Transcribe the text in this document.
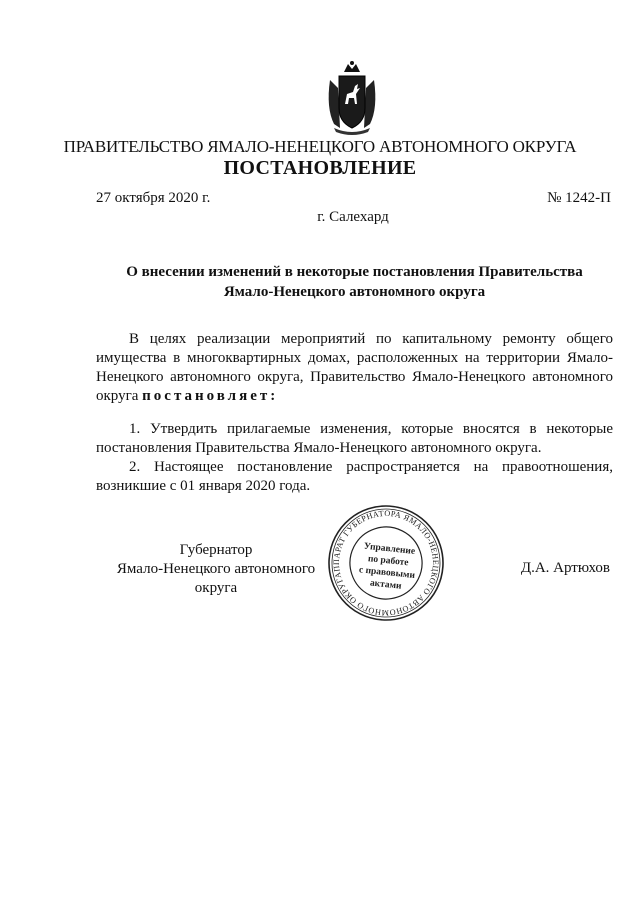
ПРАВИТЕЛЬСТВО ЯМАЛО-НЕНЕЦКОГО АВТОНОМНОГО ОКРУГА
ПОСТАНОВЛЕНИЕ
27 октября 2020 г.	№ 1242-П
г. Салехард
О внесении изменений в некоторые постановления Правительства
Ямало-Ненецкого автономного округа

В целях реализации мероприятий по капитальному ремонту общего имущества в многоквартирных домах, расположенных на территории Ямало-Ненецкого автономного округа, Правительство Ямало-Ненецкого автономного округа постановляет:

1. Утвердить прилагаемые изменения, которые вносятся в некоторые постановления Правительства Ямало-Ненецкого автономного округа.

2. Настоящее постановление распространяется на правоотношения, возникшие с 01 января 2020 года.

Губернатор
Ямало-Ненецкого автономного округа
Д.А. Артюхов
АППАРАТ ГУБЕРНАТОРА ЯМАЛО-НЕНЕЦКОГО АВТОНОМНОГО ОКРУГА
Управление
по работе
с правовыми
актами
